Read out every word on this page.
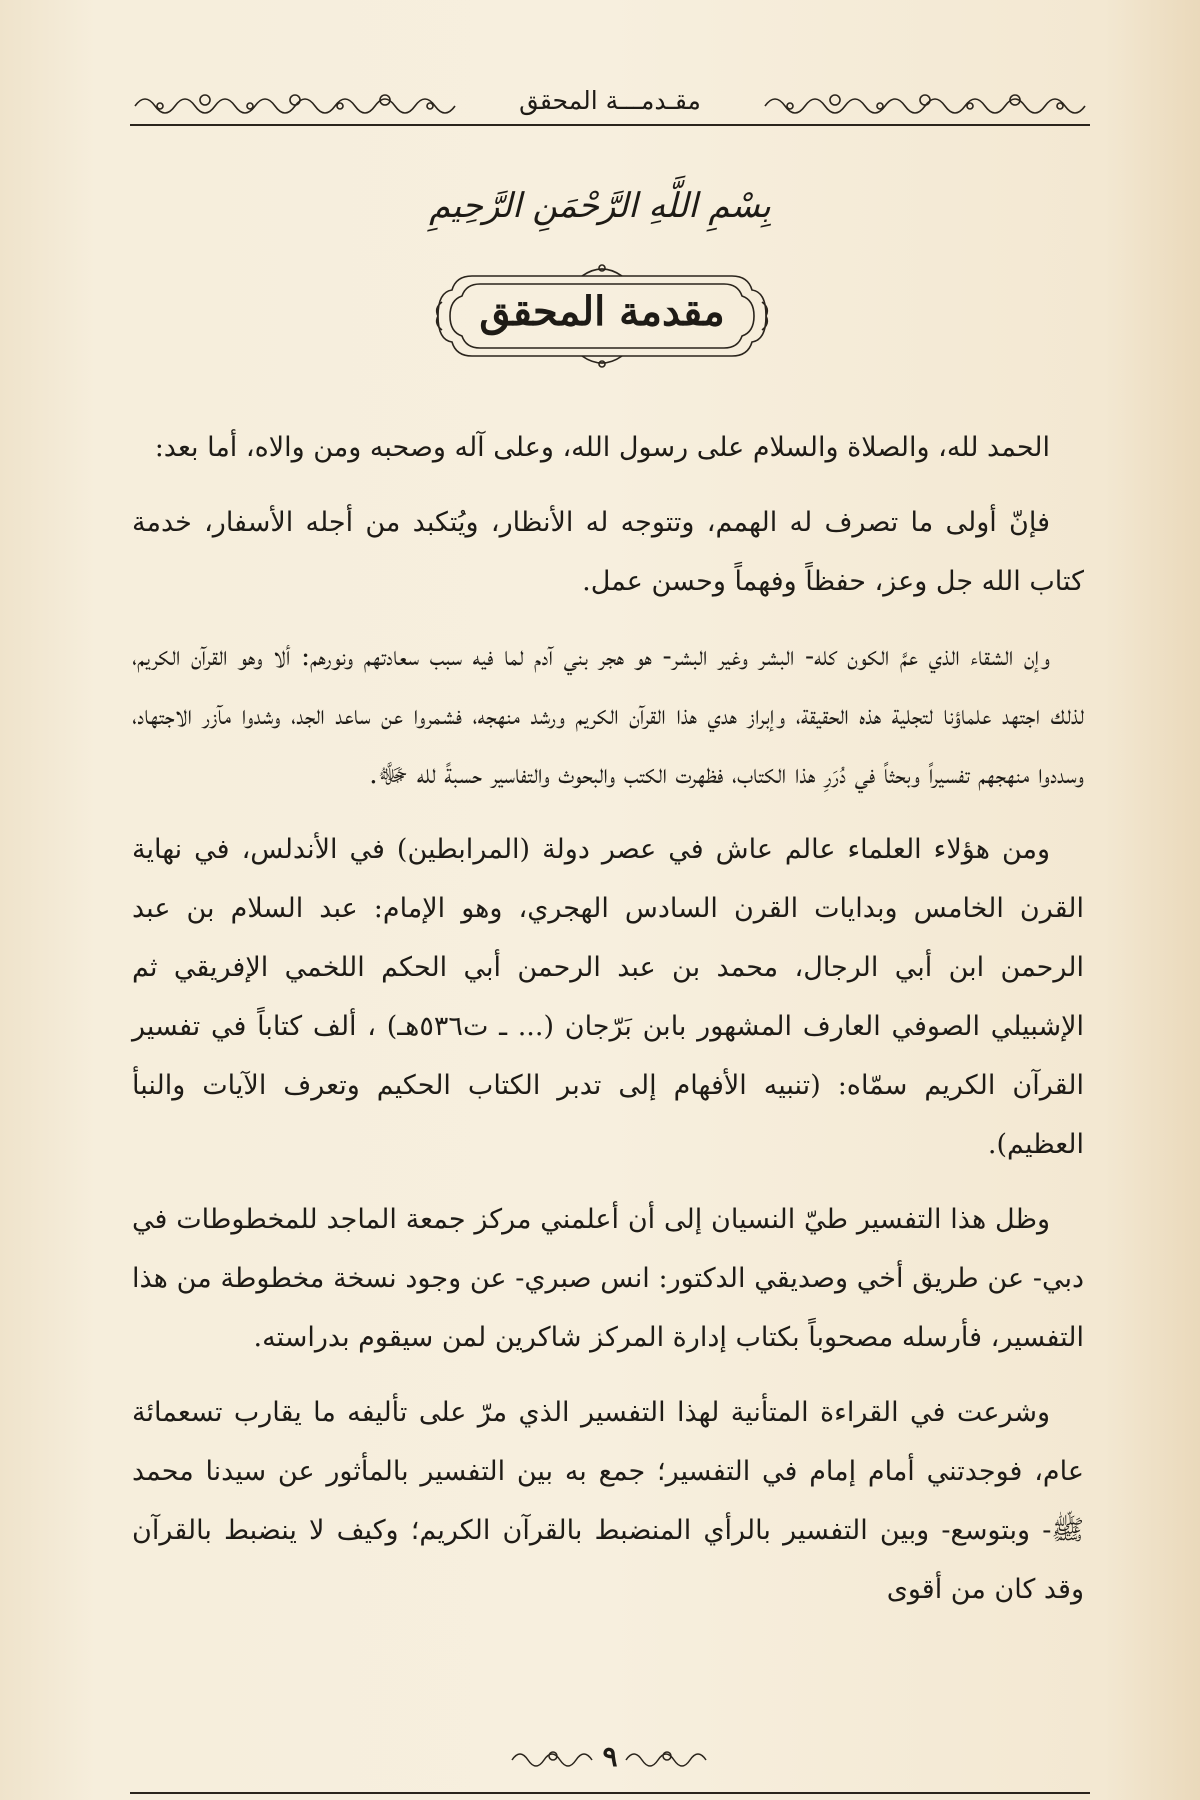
مقـدمـــة المحقق
بِسْمِ اللَّهِ الرَّحْمَنِ الرَّحِيمِ
مقدمة المحقق

الحمد لله، والصلاة والسلام على رسول الله، وعلى آله وصحبه ومن والاه، أما بعد:

فإنّ أولى ما تصرف له الهمم، وتتوجه له الأنظار، ويُتكبد من أجله الأسفار، خدمة كتاب الله جل وعز، حفظاً وفهماً وحسن عمل.

وإن الشقاء الذي عمَّ الكون كله- البشر وغير البشر- هو هجر بني آدم لما فيه سبب سعادتهم ونورهم: ألا وهو القرآن الكريم، لذلك اجتهد علماؤنا لتجلية هذه الحقيقة، وإبراز هدي هذا القرآن الكريم ورشد منهجه، فشمروا عن ساعد الجد، وشدوا مآزر الاجتهاد، وسددوا منهجهم تفسيراً وبحثاً في دُرَرِ هذا الكتاب، فظهرت الكتب والبحوث والتفاسير حسبةً لله ﷻ.

ومن هؤلاء العلماء عالم عاش في عصر دولة (المرابطين) في الأندلس، في نهاية القرن الخامس وبدايات القرن السادس الهجري، وهو الإمام: عبد السلام بن عبد الرحمن ابن أبي الرجال، محمد بن عبد الرحمن أبي الحكم اللخمي الإفريقي ثم الإشبيلي الصوفي العارف المشهور بابن بَرّجان (... ـ ت٥٣٦هـ) ، ألف كتاباً في تفسير القرآن الكريم سمّاه: (تنبيه الأفهام إلى تدبر الكتاب الحكيم وتعرف الآيات والنبأ العظيم).

وظل هذا التفسير طيّ النسيان إلى أن أعلمني مركز جمعة الماجد للمخطوطات في دبي- عن طريق أخي وصديقي الدكتور: انس صبري- عن وجود نسخة مخطوطة من هذا التفسير، فأرسله مصحوباً بكتاب إدارة المركز شاكرين لمن سيقوم بدراسته.

وشرعت في القراءة المتأنية لهذا التفسير الذي مرّ على تأليفه ما يقارب تسعمائة عام، فوجدتني أمام إمام في التفسير؛ جمع به بين التفسير بالمأثور عن سيدنا محمد ﷺ- وبتوسع- وبين التفسير بالرأي المنضبط بالقرآن الكريم؛ وكيف لا ينضبط بالقرآن وقد كان من أقوى

٩
